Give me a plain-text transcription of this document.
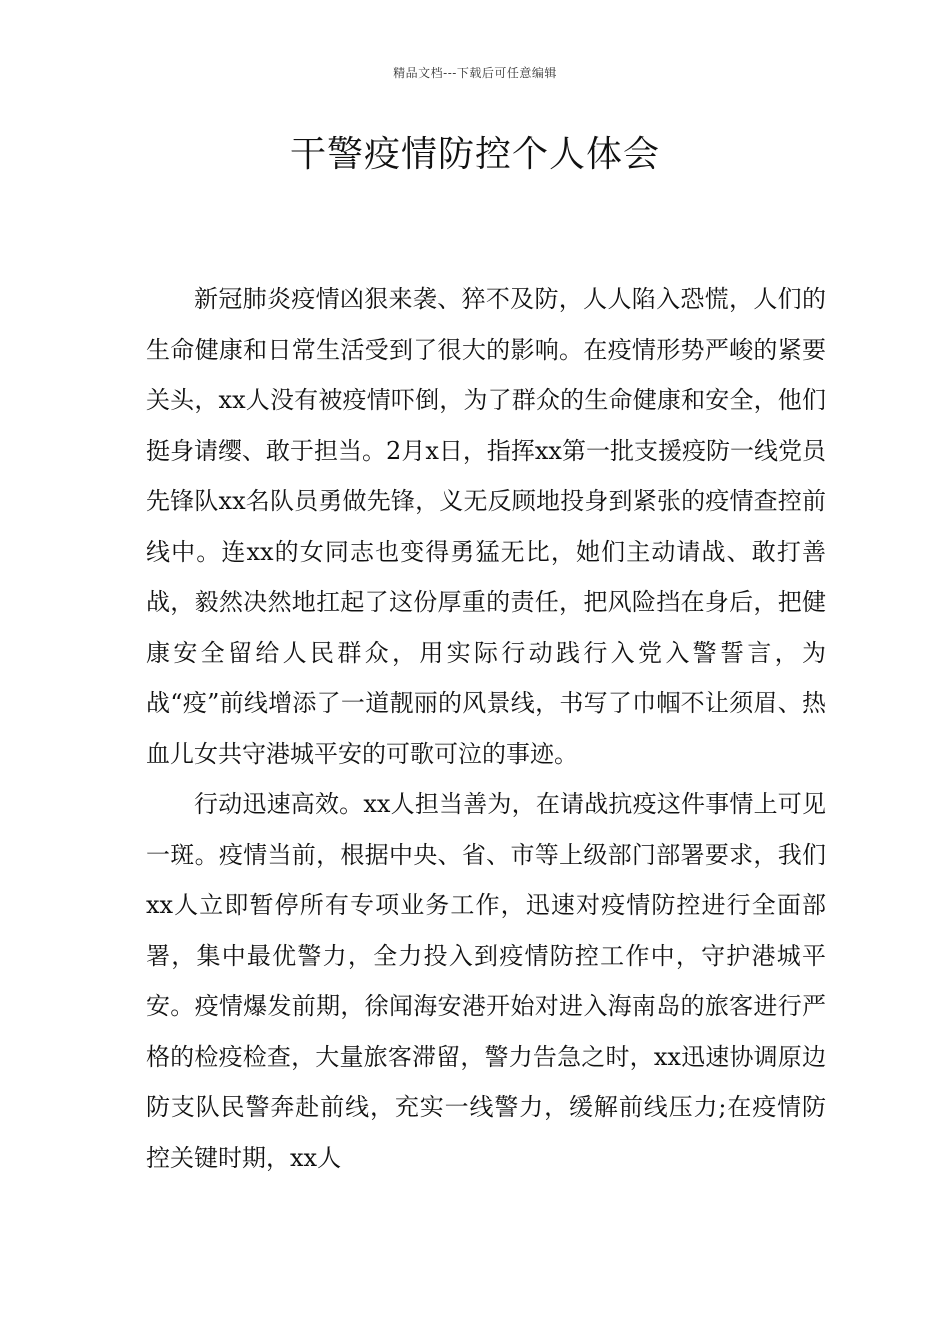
精品文档---下载后可任意编辑
干警疫情防控个人体会

新冠肺炎疫情凶狠来袭、猝不及防，人人陷入恐慌，人们的生命健康和日常生活受到了很大的影响。在疫情形势严峻的紧要关头，xx人没有被疫情吓倒，为了群众的生命健康和安全，他们挺身请缨、敢于担当。2月x日，指挥xx第一批支援疫防一线党员先锋队xx名队员勇做先锋，义无反顾地投身到紧张的疫情查控前线中。连xx的女同志也变得勇猛无比，她们主动请战、敢打善战，毅然决然地扛起了这份厚重的责任，把风险挡在身后，把健康安全留给人民群众，用实际行动践行入党入警誓言，为战“疫”前线增添了一道靓丽的风景线，书写了巾帼不让须眉、热血儿女共守港城平安的可歌可泣的事迹。

行动迅速高效。xx人担当善为，在请战抗疫这件事情上可见一斑。疫情当前，根据中央、省、市等上级部门部署要求，我们xx人立即暂停所有专项业务工作，迅速对疫情防控进行全面部署，集中最优警力，全力投入到疫情防控工作中，守护港城平安。疫情爆发前期，徐闻海安港开始对进入海南岛的旅客进行严格的检疫检查，大量旅客滞留，警力告急之时，xx迅速协调原边防支队民警奔赴前线，充实一线警力，缓解前线压力;在疫情防控关键时期，xx人
